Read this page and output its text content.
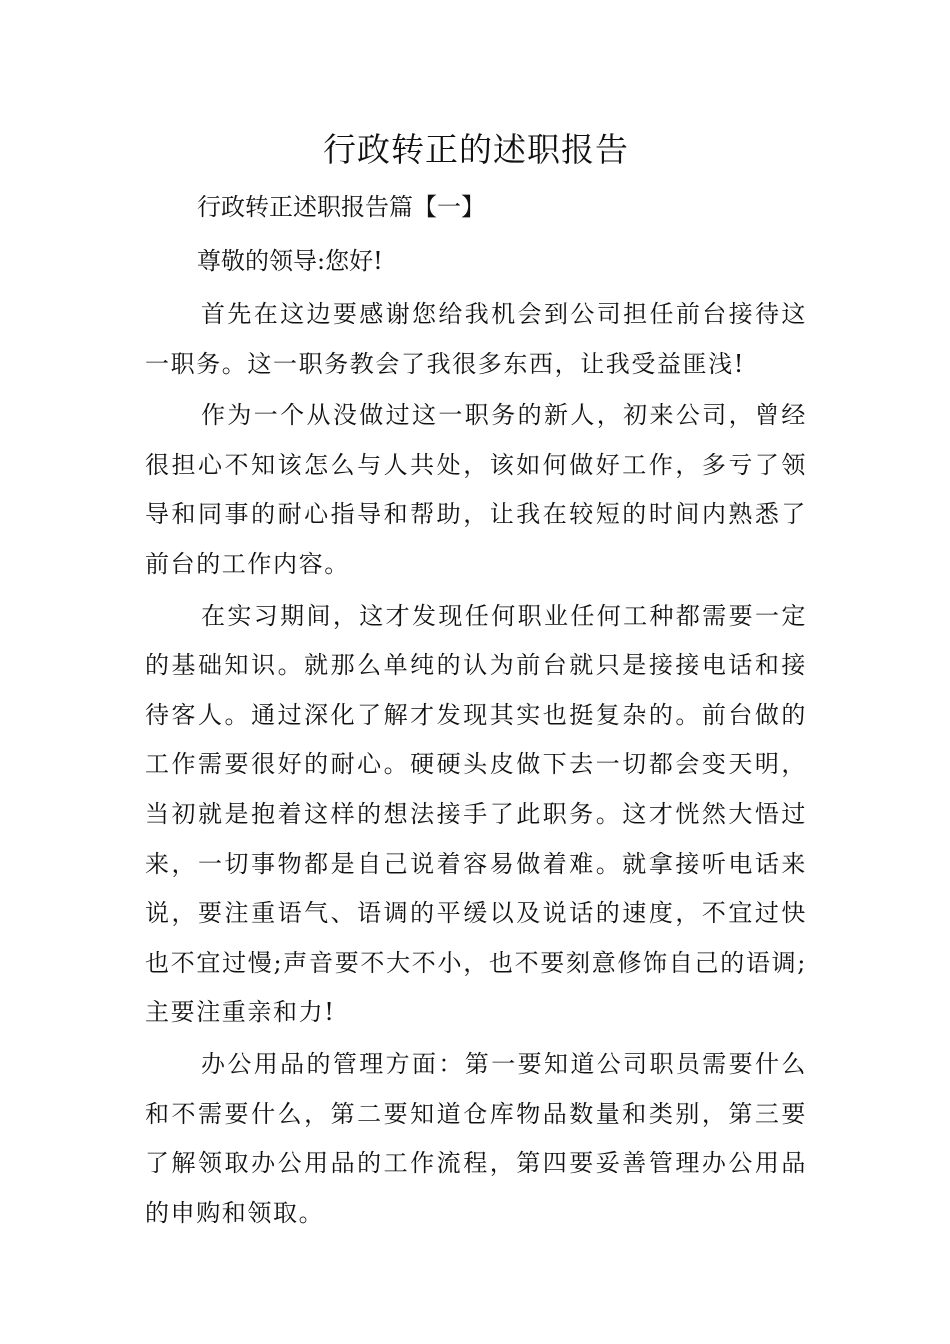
行政转正的述职报告

行政转正述职报告篇【一】

尊敬的领导:您好!

首先在这边要感谢您给我机会到公司担任前台接待这一职务。这一职务教会了我很多东西，让我受益匪浅!

作为一个从没做过这一职务的新人，初来公司，曾经很担心不知该怎么与人共处，该如何做好工作，多亏了领导和同事的耐心指导和帮助，让我在较短的时间内熟悉了前台的工作内容。

在实习期间，这才发现任何职业任何工种都需要一定的基础知识。就那么单纯的认为前台就只是接接电话和接待客人。通过深化了解才发现其实也挺复杂的。前台做的工作需要很好的耐心。硬硬头皮做下去一切都会变天明，当初就是抱着这样的想法接手了此职务。这才恍然大悟过来，一切事物都是自己说着容易做着难。就拿接听电话来说，要注重语气、语调的平缓以及说话的速度，不宜过快也不宜过慢;声音要不大不小，也不要刻意修饰自己的语调;主要注重亲和力!

办公用品的管理方面：第一要知道公司职员需要什么和不需要什么，第二要知道仓库物品数量和类别，第三要了解领取办公用品的工作流程，第四要妥善管理办公用品的申购和领取。
